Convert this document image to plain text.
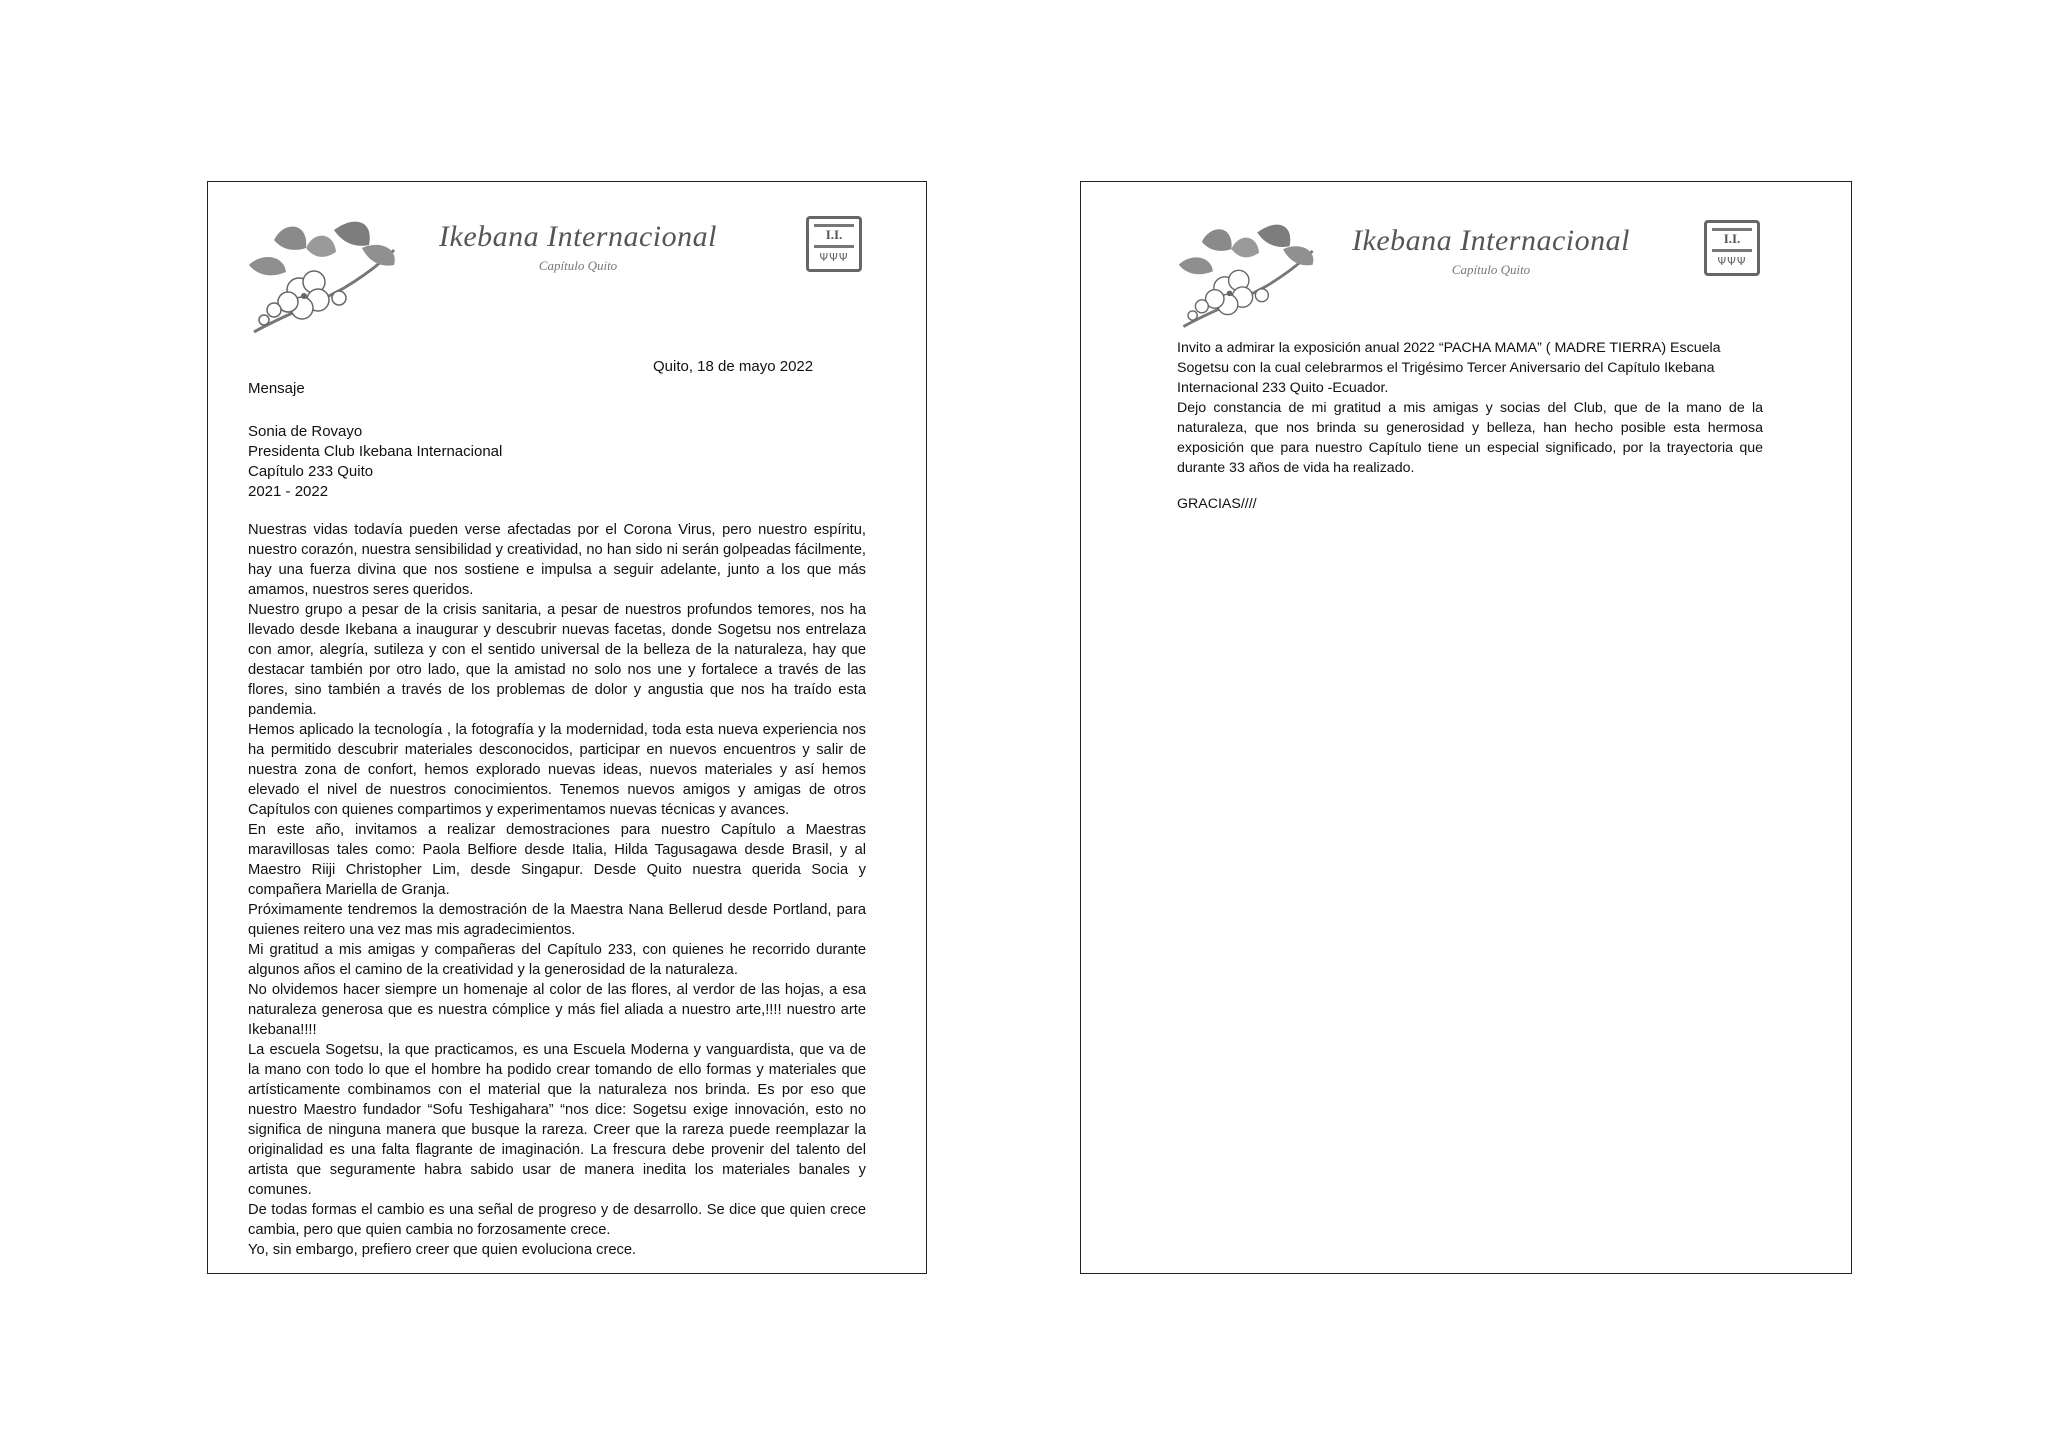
Ikebana Internacional
Capítulo Quito
I.I.
ΨΨΨ
Quito, 18 de mayo 2022
Mensaje
Sonia de Rovayo
Presidenta Club Ikebana Internacional
Capítulo 233 Quito
2021 - 2022

Nuestras vidas todavía pueden verse afectadas por el Corona Virus, pero nuestro espíritu, nuestro corazón, nuestra sensibilidad y creatividad, no han sido ni serán golpeadas fácilmente, hay una fuerza divina que nos sostiene e impulsa a seguir adelante, junto a los que más amamos, nuestros seres queridos.

Nuestro grupo a pesar de la crisis sanitaria, a pesar de nuestros profundos temores, nos ha llevado desde Ikebana a inaugurar y descubrir nuevas facetas, donde Sogetsu nos entrelaza con amor, alegría, sutileza y con el sentido universal de la belleza de la naturaleza, hay que destacar también por otro lado, que la amistad no solo nos une y fortalece a través de las flores, sino también a través de los problemas de dolor y angustia que nos ha traído esta pandemia.

Hemos aplicado la tecnología , la fotografía y la modernidad, toda esta nueva experiencia nos ha permitido descubrir materiales desconocidos, participar en nuevos encuentros y salir de nuestra zona de confort, hemos explorado nuevas ideas, nuevos materiales y así hemos elevado el nivel de nuestros conocimientos. Tenemos nuevos amigos y amigas de otros Capítulos con quienes compartimos y experimentamos nuevas técnicas y avances.

En este año, invitamos a realizar demostraciones para nuestro Capítulo a Maestras maravillosas tales como: Paola Belfiore desde Italia, Hilda Tagusagawa desde Brasil, y al Maestro Riiji Christopher Lim, desde Singapur. Desde Quito nuestra querida Socia y compañera Mariella de Granja.

Próximamente tendremos la demostración de la Maestra Nana Bellerud desde Portland, para quienes reitero una vez mas mis agradecimientos.

Mi gratitud a mis amigas y compañeras del Capítulo 233, con quienes he recorrido durante algunos años el camino de la creatividad y la generosidad de la naturaleza.

No olvidemos hacer siempre un homenaje al color de las flores, al verdor de las hojas, a esa naturaleza generosa que es nuestra cómplice y más fiel aliada a nuestro arte,!!!! nuestro arte Ikebana!!!!

La escuela Sogetsu, la que practicamos, es una Escuela Moderna y vanguardista, que va de la mano con todo lo que el hombre ha podido crear tomando de ello formas y materiales que artísticamente combinamos con el material que la naturaleza nos brinda. Es por eso que nuestro Maestro fundador “Sofu Teshigahara” “nos dice: Sogetsu exige innovación, esto no significa de ninguna manera que busque la rareza. Creer que la rareza puede reemplazar la originalidad es una falta flagrante de imaginación. La frescura debe provenir del talento del artista que seguramente habra sabido usar de manera inedita los materiales banales y comunes.

De todas formas el cambio es una señal de progreso y de desarrollo. Se dice que quien crece cambia, pero que quien cambia no forzosamente crece.

Yo, sin embargo, prefiero creer que quien evoluciona crece.

Ikebana Internacional
Capítulo Quito
I.I.
ΨΨΨ

Invito a admirar la exposición anual 2022 “PACHA MAMA” ( MADRE TIERRA) Escuela Sogetsu con la cual celebrarmos el Trigésimo Tercer Aniversario del Capítulo Ikebana Internacional 233 Quito -Ecuador.

Dejo constancia de mi gratitud a mis amigas y socias del Club, que de la mano de la naturaleza, que nos brinda su generosidad y belleza, han hecho posible esta hermosa exposición que para nuestro Capítulo tiene un especial significado, por la trayectoria que durante 33 años de vida ha realizado.

GRACIAS////
